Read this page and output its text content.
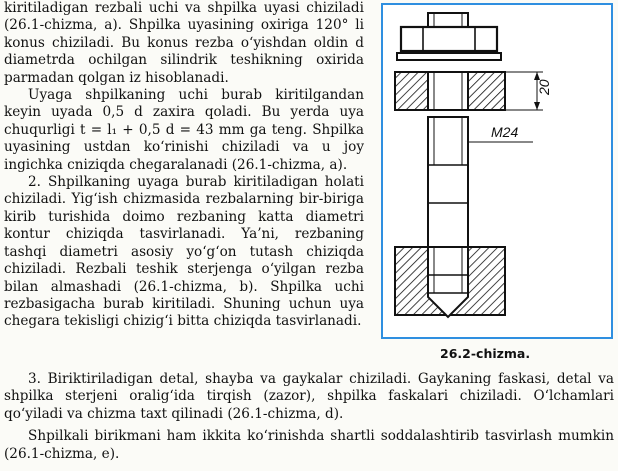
kiritiladigan rezbali uchi va shpilka uyasi chiziladi (26.1-chizma, a). Shpilka uyasining oxiriga 120° li konus chiziladi. Bu konus rezba o‘yishdan oldin d diametrda ochilgan silindrik teshikning oxirida parmadan qolgan iz hisoblanadi.

Uyaga shpilkaning uchi burab kiritilgandan keyin uyada 0,5 d zaxira qoladi. Bu yerda uya chuqurligi t = l₁ + 0,5 d = 43 mm ga teng. Shpilka uyasining ustdan ko‘rinishi chiziladi va u joy ingichka cniziqda chegaralanadi (26.1-chizma, a).

2. Shpilkaning uyaga burab kiritiladigan holati chiziladi. Yig‘ish chizmasida rezbalarning bir-biriga kirib turishida doimo rezbaning katta diametri kontur chiziqda tasvirlanadi. Ya’ni, rezbaning tashqi diametri asosiy yo‘g‘on tutash chiziqda chiziladi. Rezbali teshik sterjenga o‘yilgan rezba bilan almashadi (26.1-chizma, b). Shpilka uchi rezbasigacha burab kiritiladi. Shuning uchun uya chegara tekisligi chizig‘i bitta chiziqda tasvirlanadi.

3. Biriktiriladigan detal, shayba va gaykalar chiziladi. Gaykaning faskasi, detal va shpilka sterjeni oralig‘ida tirqish (zazor), shpilka faskalari chiziladi. O‘lchamlari qo‘yiladi va chizma taxt qilinadi (26.1-chizma, d).

Shpilkali birikmani ham ikkita ko‘rinishda shartli soddalashtirib tasvirlash mumkin (26.1-chizma, e).

20
M24
26.2-chizma.
